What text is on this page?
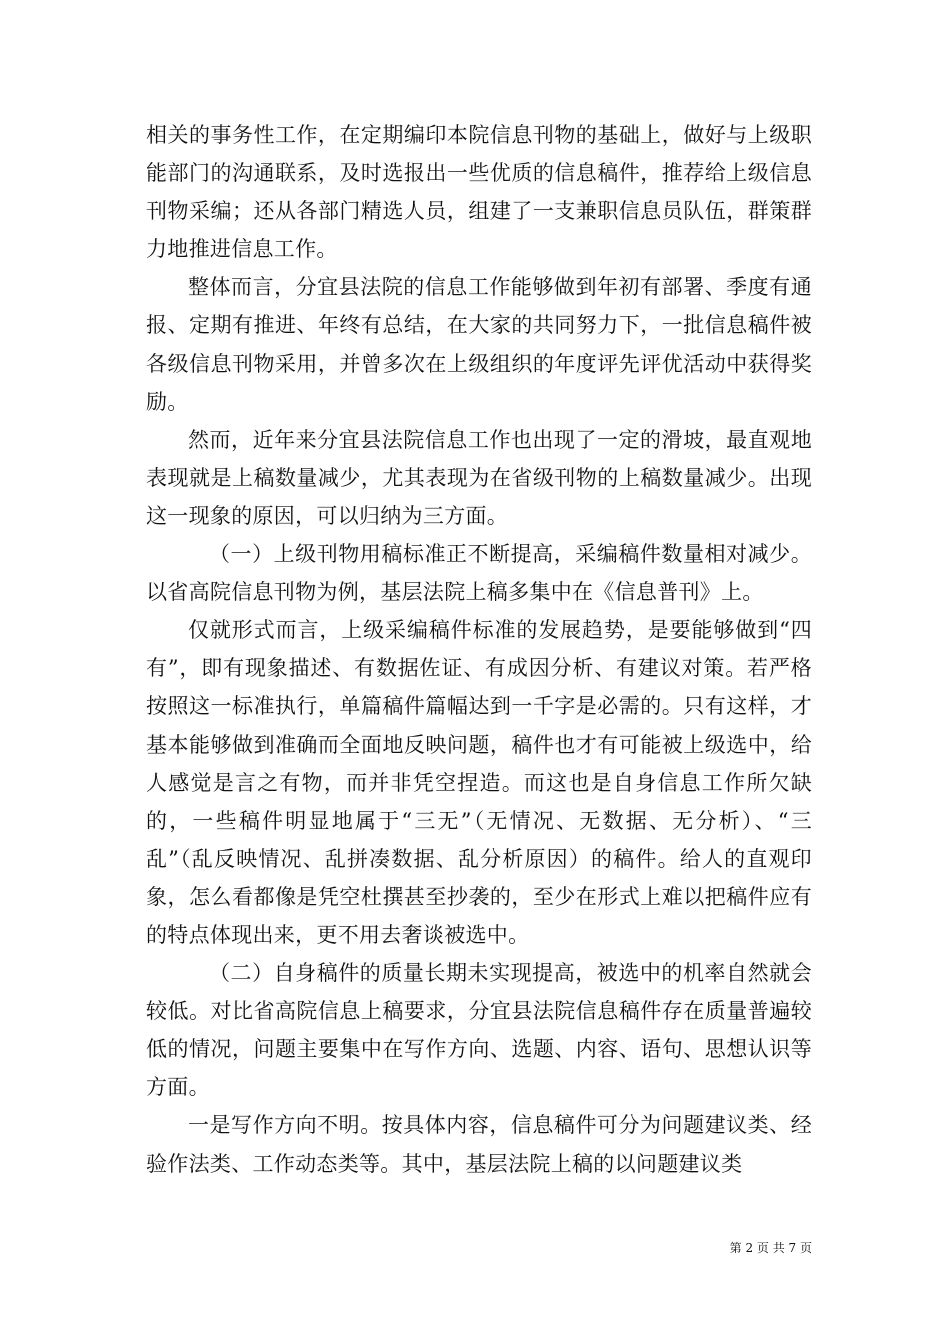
相关的事务性工作，在定期编印本院信息刊物的基础上，做好与上级职能部门的沟通联系，及时选报出一些优质的信息稿件，推荐给上级信息刊物采编；还从各部门精选人员，组建了一支兼职信息员队伍，群策群力地推进信息工作。

整体而言，分宜县法院的信息工作能够做到年初有部署、季度有通报、定期有推进、年终有总结，在大家的共同努力下，一批信息稿件被各级信息刊物采用，并曾多次在上级组织的年度评先评优活动中获得奖励。

然而，近年来分宜县法院信息工作也出现了一定的滑坡，最直观地表现就是上稿数量减少，尤其表现为在省级刊物的上稿数量减少。出现这一现象的原因，可以归纳为三方面。

（一）上级刊物用稿标准正不断提高，采编稿件数量相对减少。以省高院信息刊物为例，基层法院上稿多集中在《信息普刊》上。

仅就形式而言，上级采编稿件标准的发展趋势，是要能够做到“四有”，即有现象描述、有数据佐证、有成因分析、有建议对策。若严格按照这一标准执行，单篇稿件篇幅达到一千字是必需的。只有这样，才基本能够做到准确而全面地反映问题，稿件也才有可能被上级选中，给人感觉是言之有物，而并非凭空捏造。而这也是自身信息工作所欠缺的，一些稿件明显地属于“三无”（无情况、无数据、无分析）、“三乱”（乱反映情况、乱拼凑数据、乱分析原因）的稿件。给人的直观印象，怎么看都像是凭空杜撰甚至抄袭的，至少在形式上难以把稿件应有的特点体现出来，更不用去奢谈被选中。

（二）自身稿件的质量长期未实现提高，被选中的机率自然就会较低。对比省高院信息上稿要求，分宜县法院信息稿件存在质量普遍较低的情况，问题主要集中在写作方向、选题、内容、语句、思想认识等方面。

一是写作方向不明。按具体内容，信息稿件可分为问题建议类、经验作法类、工作动态类等。其中，基层法院上稿的以问题建议类

第 2 页 共 7 页
